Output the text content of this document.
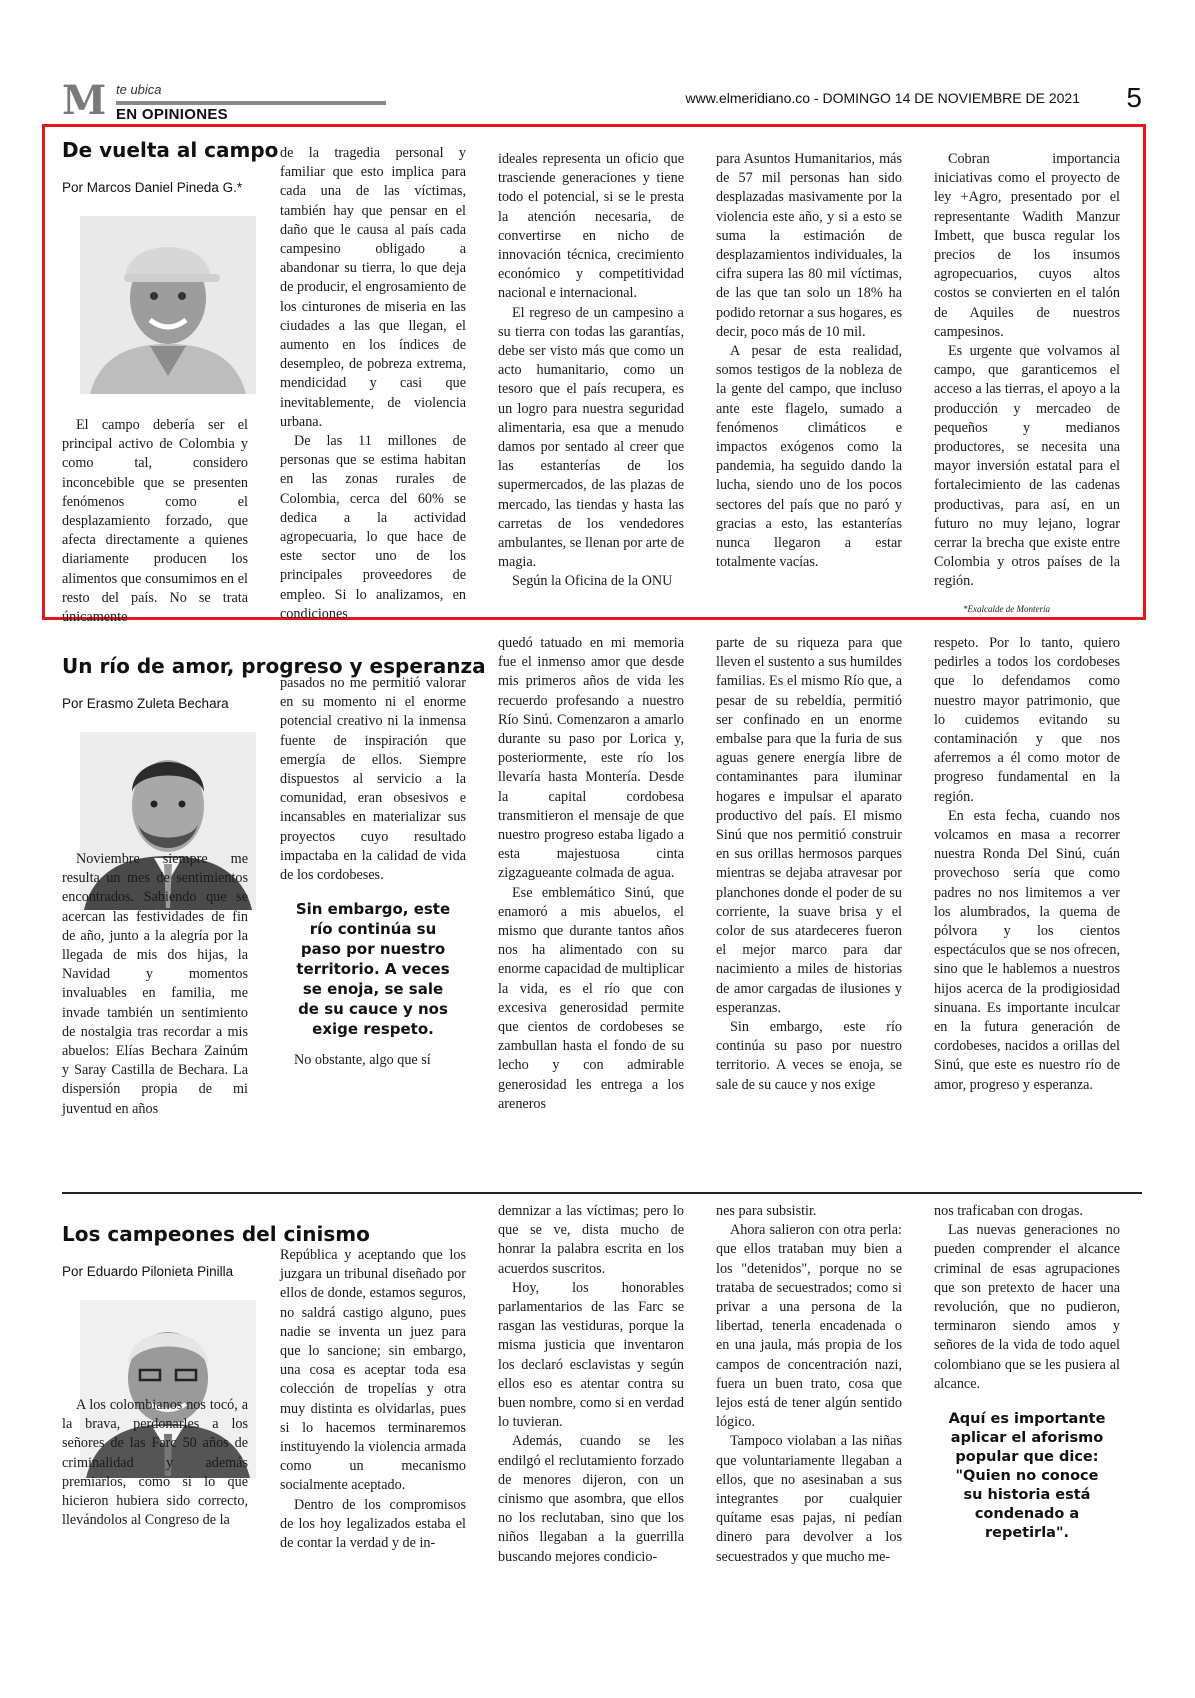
M te ubica
EN OPINIONES
www.elmeridiano.co - DOMINGO 14 DE NOVIEMBRE DE 2021 5
De vuelta al campo
Por Marcos Daniel Pineda G.*

El campo debería ser el principal activo de Colombia y como tal, considero inconcebible que se presenten fenómenos como el desplazamiento forzado, que afecta directamente a quienes diariamente producen los alimentos que consumimos en el resto del país. No se trata únicamente

de la tragedia personal y familiar que esto implica para cada una de las víctimas, también hay que pensar en el daño que le causa al país cada campesino obligado a abandonar su tierra, lo que deja de producir, el engrosamiento de los cinturones de miseria en las ciudades a las que llegan, el aumento en los índices de desempleo, de pobreza extrema, mendicidad y casi que inevitablemente, de violencia urbana.

De las 11 millones de personas que se estima habitan en las zonas rurales de Colombia, cerca del 60% se dedica a la actividad agropecuaria, lo que hace de este sector uno de los principales proveedores de empleo. Si lo analizamos, en condiciones

ideales representa un oficio que trasciende generaciones y tiene todo el potencial, si se le presta la atención necesaria, de convertirse en nicho de innovación técnica, crecimiento económico y competitividad nacional e internacional.

El regreso de un campesino a su tierra con todas las garantías, debe ser visto más que como un acto humanitario, como un tesoro que el país recupera, es un logro para nuestra seguridad alimentaria, esa que a menudo damos por sentado al creer que las estanterías de los supermercados, de las plazas de mercado, las tiendas y hasta las carretas de los vendedores ambulantes, se llenan por arte de magia.

Según la Oficina de la ONU

para Asuntos Humanitarios, más de 57 mil personas han sido desplazadas masivamente por la violencia este año, y si a esto se suma la estimación de desplazamientos individuales, la cifra supera las 80 mil víctimas, de las que tan solo un 18% ha podido retornar a sus hogares, es decir, poco más de 10 mil.

A pesar de esta realidad, somos testigos de la nobleza de la gente del campo, que incluso ante este flagelo, sumado a fenómenos climáticos e impactos exógenos como la pandemia, ha seguido dando la lucha, siendo uno de los pocos sectores del país que no paró y gracias a esto, las estanterías nunca llegaron a estar totalmente vacías.

Cobran importancia iniciativas como el proyecto de ley +Agro, presentado por el representante Wadith Manzur Imbett, que busca regular los precios de los insumos agropecuarios, cuyos altos costos se convierten en el talón de Aquiles de nuestros campesinos.

Es urgente que volvamos al campo, que garanticemos el acceso a las tierras, el apoyo a la producción y mercadeo de pequeños y medianos productores, se necesita una mayor inversión estatal para el fortalecimiento de las cadenas productivas, para así, en un futuro no muy lejano, lograr cerrar la brecha que existe entre Colombia y otros países de la región.

*Exalcalde de Montería
Un río de amor, progreso y esperanza
Por Erasmo Zuleta Bechara

Noviembre siempre me resulta un mes de sentimientos encontrados. Sabiendo que se acercan las festividades de fin de año, junto a la alegría por la llegada de mis dos hijas, la Navidad y momentos invaluables en familia, me invade también un sentimiento de nostalgia tras recordar a mis abuelos: Elías Bechara Zainúm y Saray Castilla de Bechara. La dispersión propia de mi juventud en años

pasados no me permitió valorar en su momento ni el enorme potencial creativo ni la inmensa fuente de inspiración que emergía de ellos. Siempre dispuestos al servicio a la comunidad, eran obsesivos e incansables en materializar sus proyectos cuyo resultado impactaba en la calidad de vida de los cordobeses.

Sin embargo, este río continúa su paso por nuestro territorio. A veces se enoja, se sale de su cauce y nos exige respeto.

No obstante, algo que sí

quedó tatuado en mi memoria fue el inmenso amor que desde mis primeros años de vida les recuerdo profesando a nuestro Río Sinú. Comenzaron a amarlo durante su paso por Lorica y, posteriormente, este río los llevaría hasta Montería. Desde la capital cordobesa transmitieron el mensaje de que nuestro progreso estaba ligado a esta majestuosa cinta zigzagueante colmada de agua.

Ese emblemático Sinú, que enamoró a mis abuelos, el mismo que durante tantos años nos ha alimentado con su enorme capacidad de multiplicar la vida, es el río que con excesiva generosidad permite que cientos de cordobeses se zambullan hasta el fondo de su lecho y con admirable generosidad les entrega a los areneros

parte de su riqueza para que lleven el sustento a sus humildes familias. Es el mismo Río que, a pesar de su rebeldía, permitió ser confinado en un enorme embalse para que la furia de sus aguas genere energía libre de contaminantes para iluminar hogares e impulsar el aparato productivo del país. El mismo Sinú que nos permitió construir en sus orillas hermosos parques mientras se dejaba atravesar por planchones donde el poder de su corriente, la suave brisa y el color de sus atardeceres fueron el mejor marco para dar nacimiento a miles de historias de amor cargadas de ilusiones y esperanzas.

Sin embargo, este río continúa su paso por nuestro territorio. A veces se enoja, se sale de su cauce y nos exige

respeto. Por lo tanto, quiero pedirles a todos los cordobeses que lo defendamos como nuestro mayor patrimonio, que lo cuidemos evitando su contaminación y que nos aferremos a él como motor de progreso fundamental en la región.

En esta fecha, cuando nos volcamos en masa a recorrer nuestra Ronda Del Sinú, cuán provechoso sería que como padres no nos limitemos a ver los alumbrados, la quema de pólvora y los cientos espectáculos que se nos ofrecen, sino que le hablemos a nuestros hijos acerca de la prodigiosidad sinuana. Es importante inculcar en la futura generación de cordobeses, nacidos a orillas del Sinú, que este es nuestro río de amor, progreso y esperanza.

Los campeones del cinismo
Por Eduardo Pilonieta Pinilla

A los colombianos nos tocó, a la brava, perdonarles a los señores de las Farc 50 años de criminalidad y además premiarlos, como si lo que hicieron hubiera sido correcto, llevándolos al Congreso de la

República y aceptando que los juzgara un tribunal diseñado por ellos de donde, estamos seguros, no saldrá castigo alguno, pues nadie se inventa un juez para que lo sancione; sin embargo, una cosa es aceptar toda esa colección de tropelías y otra muy distinta es olvidarlas, pues si lo hacemos terminaremos instituyendo la violencia armada como un mecanismo socialmente aceptado.

Dentro de los compromisos de los hoy legalizados estaba el de contar la verdad y de in-

demnizar a las víctimas; pero lo que se ve, dista mucho de honrar la palabra escrita en los acuerdos suscritos.

Hoy, los honorables parlamentarios de las Farc se rasgan las vestiduras, porque la misma justicia que inventaron los declaró esclavistas y según ellos eso es atentar contra su buen nombre, como si en verdad lo tuvieran.

Además, cuando se les endilgó el reclutamiento forzado de menores dijeron, con un cinismo que asombra, que ellos no los reclutaban, sino que los niños llegaban a la guerrilla buscando mejores condicio-

nes para subsistir.

Ahora salieron con otra perla: que ellos trataban muy bien a los "detenidos", porque no se trataba de secuestrados; como si privar a una persona de la libertad, tenerla encadenada o en una jaula, más propia de los campos de concentración nazi, fuera un buen trato, cosa que lejos está de tener algún sentido lógico.

Tampoco violaban a las niñas que voluntariamente llegaban a ellos, que no asesinaban a sus integrantes por cualquier quítame esas pajas, ni pedían dinero para devolver a los secuestrados y que mucho me-

nos traficaban con drogas.

Las nuevas generaciones no pueden comprender el alcance criminal de esas agrupaciones que son pretexto de hacer una revolución, que no pudieron, terminaron siendo amos y señores de la vida de todo aquel colombiano que se les pusiera al alcance.

Aquí es importante aplicar el aforismo popular que dice: "Quien no conoce su historia está condenado a repetirla".
